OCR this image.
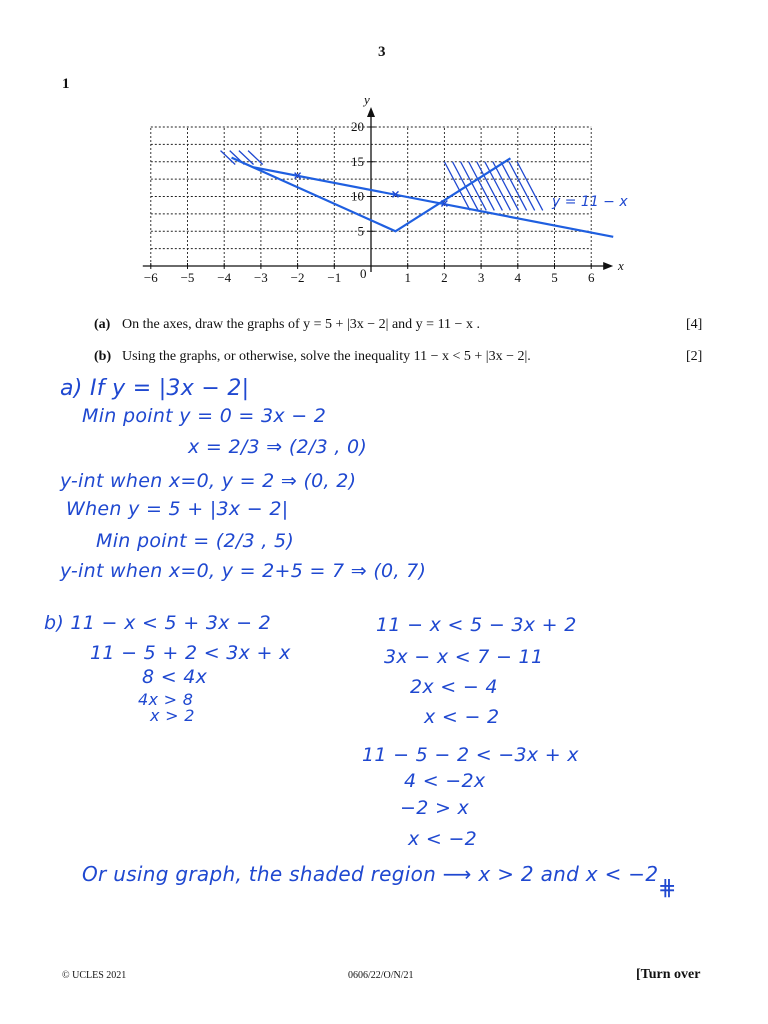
3
1
−6 −5 −4 −3 −2 −1	1 2 3 4 5 6
5
10
15
20
y
x
0
y = 11 − x
(a) On the axes, draw the graphs of y = 5 + |3x − 2| and y = 11 − x .	[4]
(b) Using the graphs, or otherwise, solve the inequality 11 − x < 5 + |3x − 2|.	[2]
a) If y = |3x − 2|
Min point y = 0 = 3x − 2
x = 2/3 ⇒ (2/3 , 0)
y-int when x=0, y = 2 ⇒ (0, 2)
When y = 5 + |3x − 2|
Min point = (2/3 , 5)
y-int when x=0, y = 2+5 = 7 ⇒ (0, 7)
b) 11 − x < 5 + 3x − 2
11 − 5 + 2 < 3x + x
8 < 4x
4x > 8
x > 2
11 − x < 5 − 3x + 2
3x − x < 7 − 11
2x < − 4
x < − 2
11 − 5 − 2 < −3x + x
4 < −2x
−2 > x
x < −2
Or using graph, the shaded region ⟶ x > 2 and x < −2
⋕
© UCLES 2021	0606/22/O/N/21	[Turn over
